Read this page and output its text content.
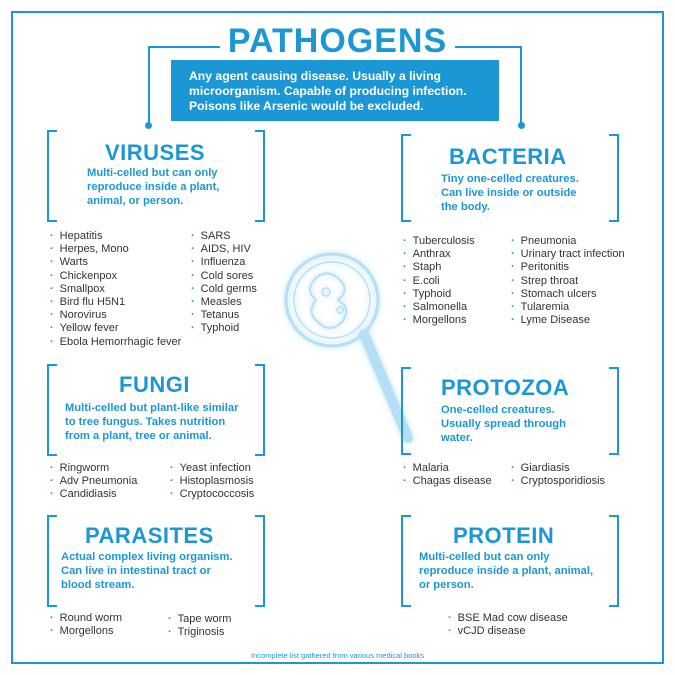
PATHOGENS
Any agent causing disease. Usually a living
microorganism. Capable of producing infection.
Poisons like Arsenic would be excluded.
VIRUSES
Multi-celled but can only
reproduce inside a plant,
animal, or person.
· Hepatitis
· Herpes, Mono
· Warts
· Chickenpox
· Smallpox
· Bird flu H5N1
· Norovirus
· Yellow fever
· Ebola Hemorrhagic fever
· SARS
· AIDS, HIV
· Influenza
· Cold sores
· Cold germs
· Measles
· Tetanus
· Typhoid
BACTERIA
Tiny one-celled creatures.
Can live inside or outside
the body.
· Tuberculosis
· Anthrax
· Staph
· E.coli
· Typhoid
· Salmonella
· Morgellons
· Pneumonia
· Urinary tract infection
· Peritonitis
· Strep throat
· Stomach ulcers
· Tularemia
· Lyme Disease
FUNGI
Multi-celled but plant-like similar
to tree fungus. Takes nutrition
from a plant, tree or animal.
· Ringworm
· Adv Pneumonia
· Candidiasis
· Yeast infection
· Histoplasmosis
· Cryptococcosis
PROTOZOA
One-celled creatures.
Usually spread through
water.
· Malaria
· Chagas disease
· Giardiasis
· Cryptosporidiosis
PARASITES
Actual complex living organism.
Can live in intestinal tract or
blood stream.
· Round worm
· Morgellons
· Tape worm
· Triginosis
PROTEIN
Multi-celled but can only
reproduce inside a plant, animal,
or person.
· BSE Mad cow disease
· vCJD disease
Incomplete list gathered from various medical books
